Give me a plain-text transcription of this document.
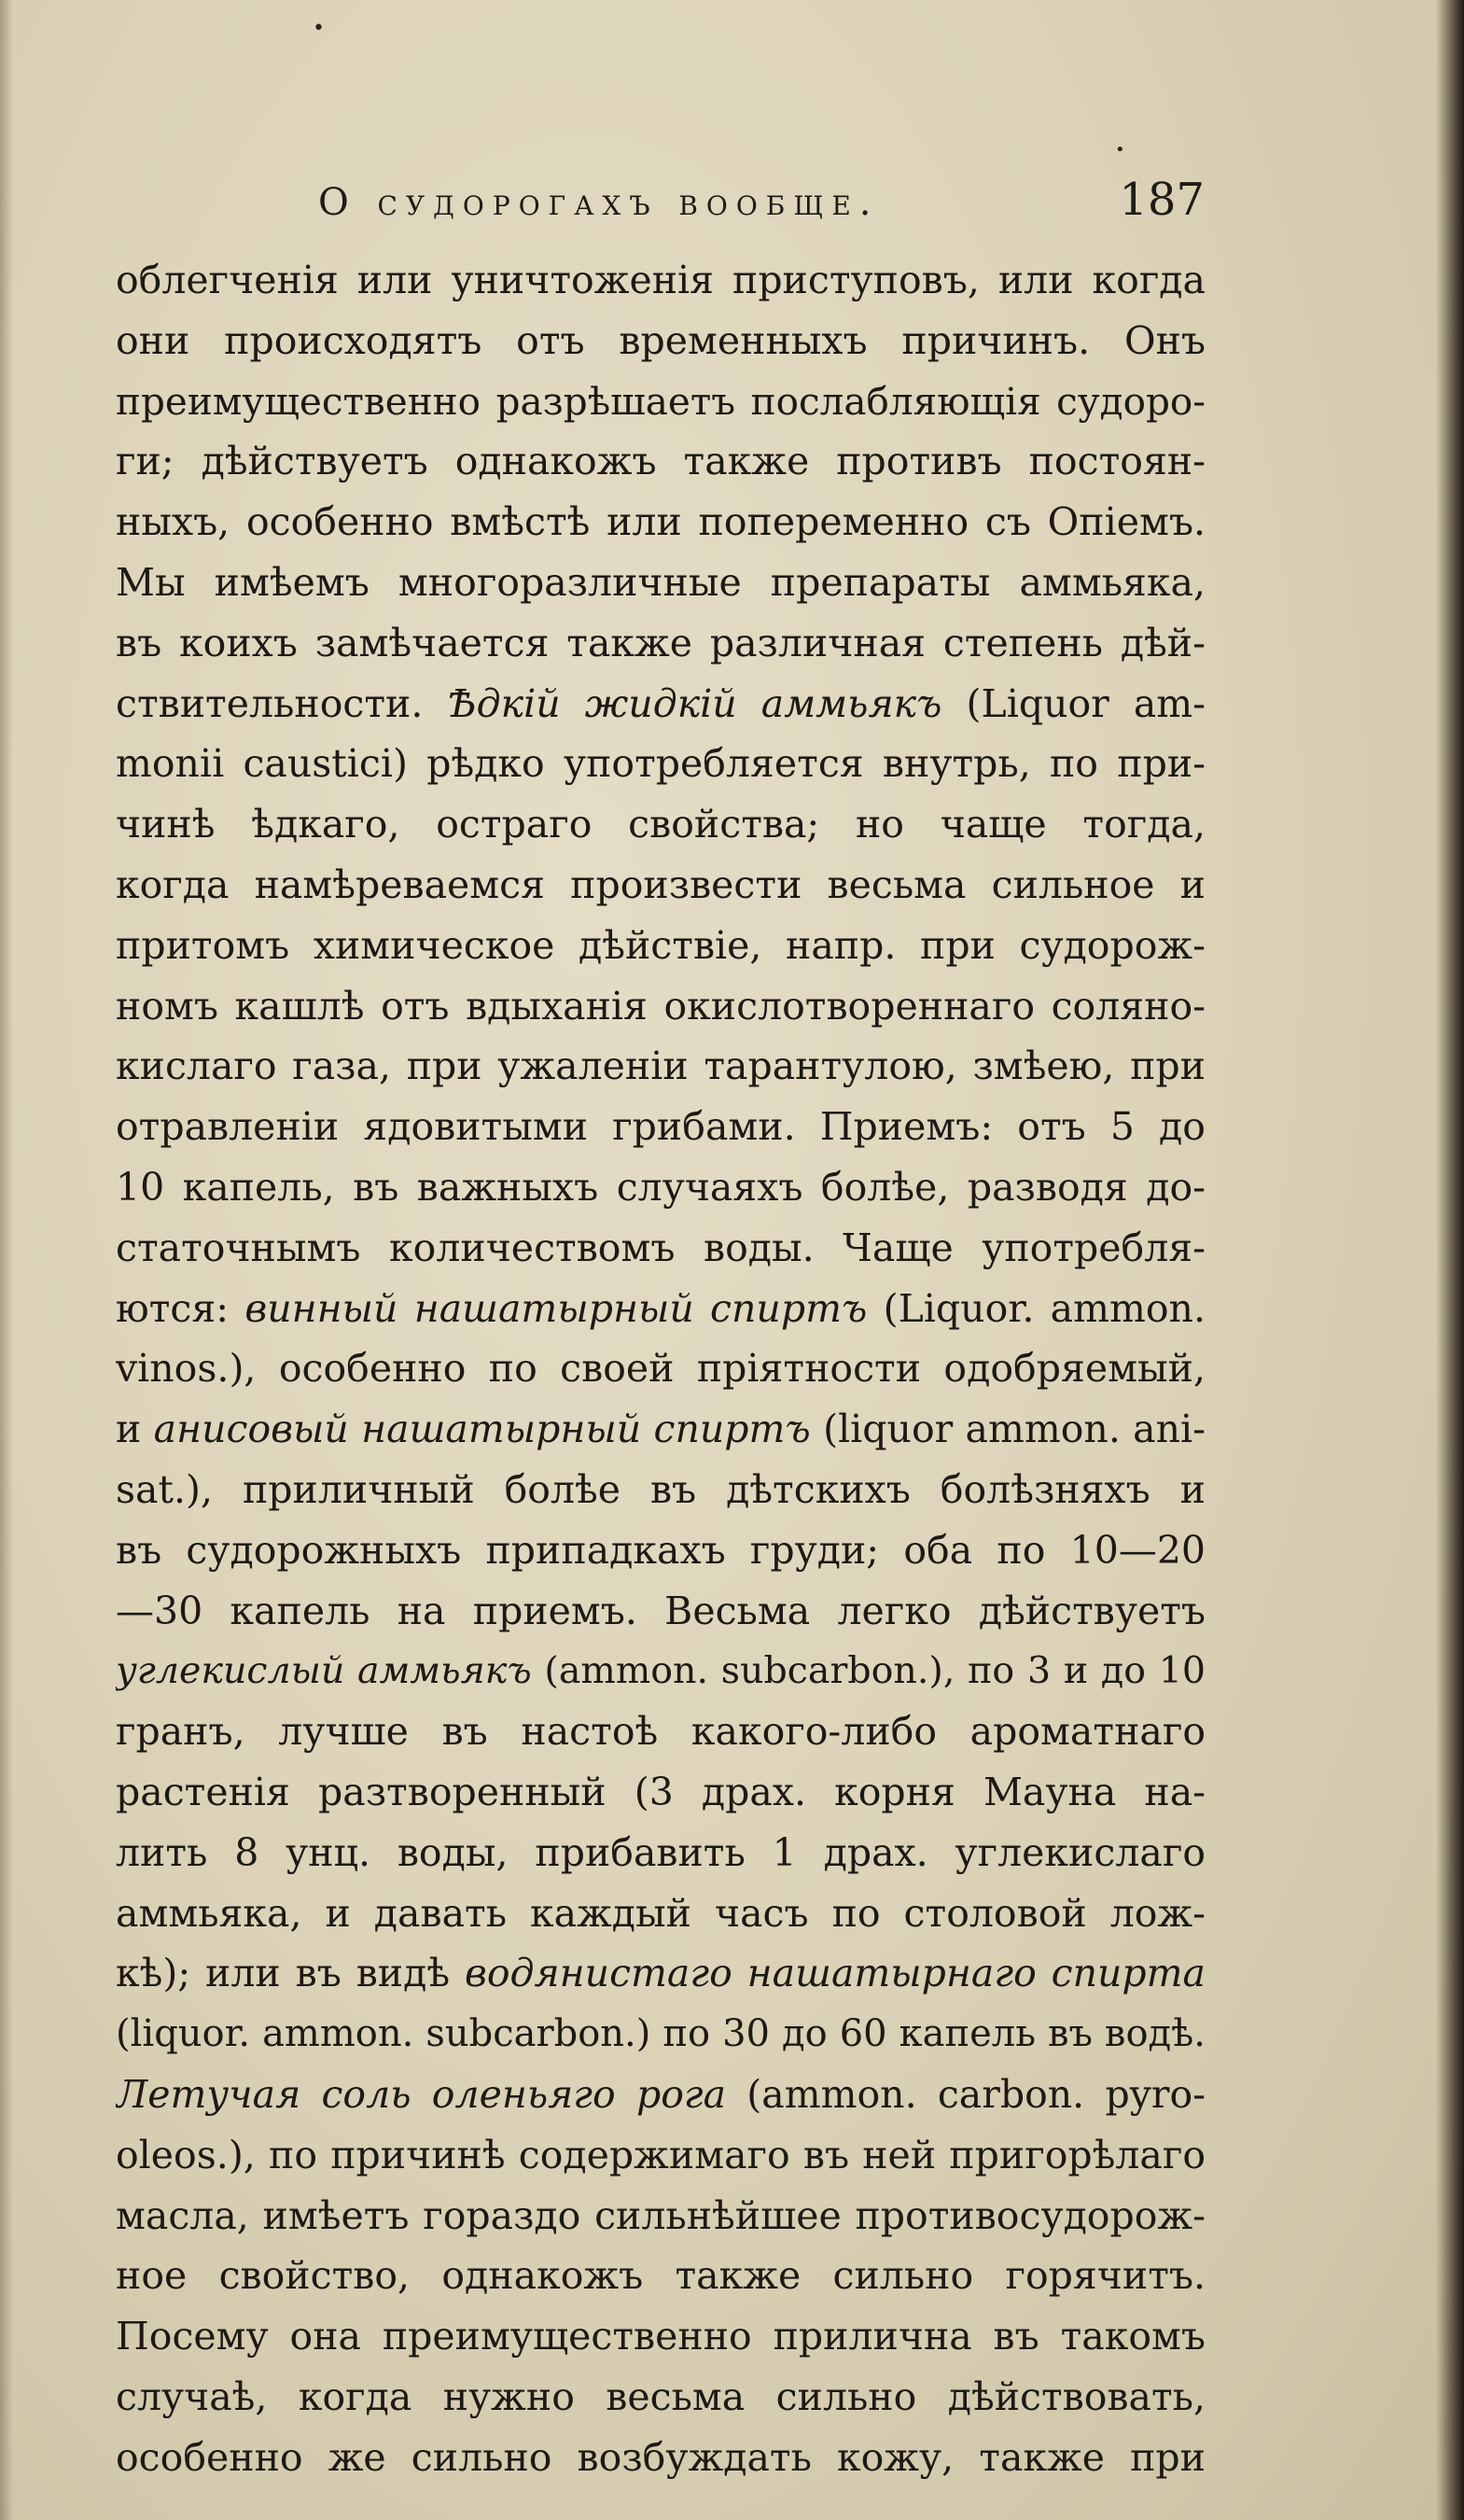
•
•
О судорогахъ вообще.	187
облегченія или уничтоженія приступовъ, или когда
они происходятъ отъ временныхъ причинъ. Онъ
преимущественно разрѣшаетъ послабляющія судоро-
ги; дѣйствуетъ однакожъ также противъ постоян-
ныхъ, особенно вмѣстѣ или попеременно съ Опіемъ.
Мы имѣемъ многоразличные препараты аммьяка,
въ коихъ замѣчается также различная степень дѣй-
ствительности. Ѣдкій жидкій аммьякъ (Liquor am-
monii caustici) рѣдко употребляется внутрь, по при-
чинѣ ѣдкаго, остраго свойства; но чаще тогда,
когда намѣреваемся произвести весьма сильное и
притомъ химическое дѣйствіе, напр. при судорож-
номъ кашлѣ отъ вдыханія окислотвореннаго соляно-
кислаго газа, при ужаленіи тарантулою, змѣею, при
отравленіи ядовитыми грибами. Приемъ: отъ 5 до
10 капель, въ важныхъ случаяхъ болѣе, разводя до-
статочнымъ количествомъ воды. Чаще употребля-
ются: винный нашатырный спиртъ (Liquor. ammon.
vinos.), особенно по своей пріятности одобряемый,
и анисовый нашатырный спиртъ (liquor ammon. ani-
sat.), приличный болѣе въ дѣтскихъ болѣзняхъ и
въ судорожныхъ припадкахъ груди; оба по 10—20
—30 капель на приемъ. Весьма легко дѣйствуетъ
углекислый аммьякъ (ammon. subcarbon.), по 3 и до 10
гранъ, лучше въ настоѣ какого-либо ароматнаго
растенія разтворенный (3 драх. корня Мауна на-
лить 8 унц. воды, прибавить 1 драх. углекислаго
аммьяка, и давать каждый часъ по столовой лож-
кѣ); или въ видѣ водянистаго нашатырнаго спирта
(liquor. ammon. subcarbon.) по 30 до 60 капель въ водѣ.
Летучая соль оленьяго рога (ammon. carbon. pyro-
oleos.), по причинѣ содержимаго въ ней пригорѣлаго
масла, имѣетъ гораздо сильнѣйшее противосудорож-
ное свойство, однакожъ также сильно горячитъ.
Посему она преимущественно прилична въ такомъ
случаѣ, когда нужно весьма сильно дѣйствовать,
особенно же сильно возбуждать кожу, также при
